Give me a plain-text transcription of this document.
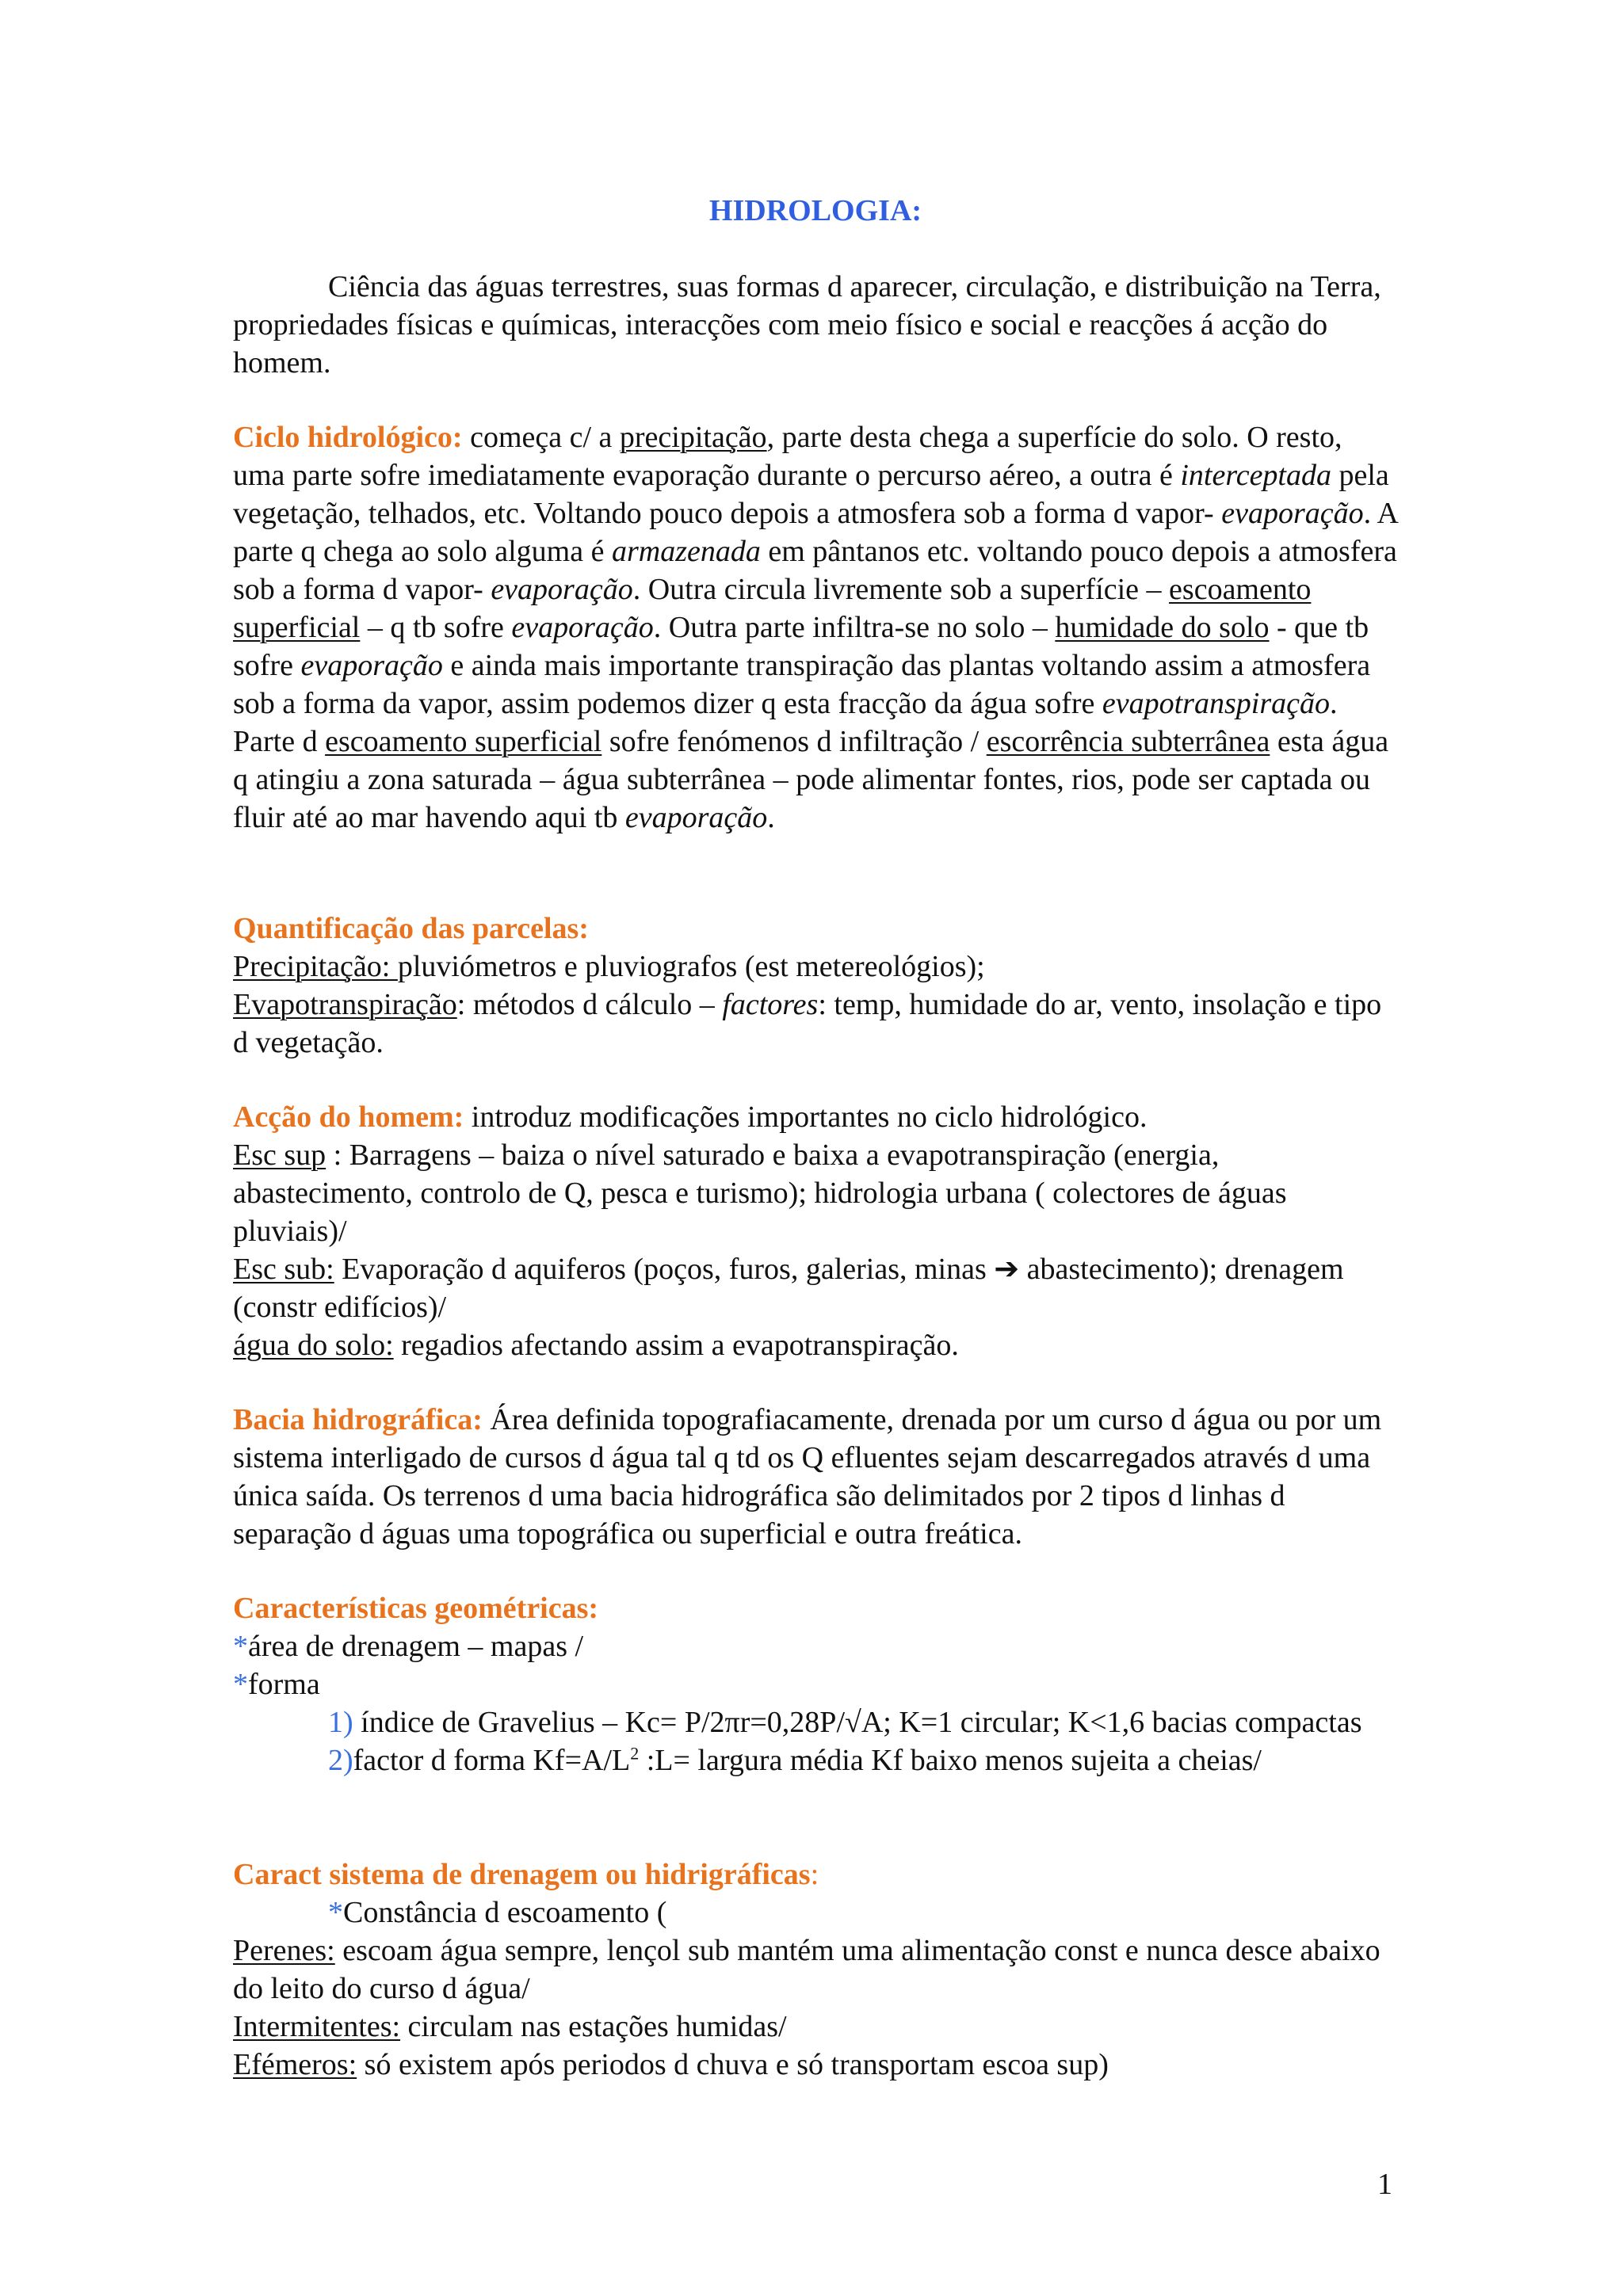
HIDROLOGIA:

Ciência das águas terrestres, suas formas d aparecer, circulação, e distribuição na Terra, propriedades físicas e químicas, interacções com meio físico e social e reacções á acção do homem.

Ciclo hidrológico: começa c/ a precipitação, parte desta chega a superfície do solo. O resto, uma parte sofre imediatamente evaporação durante o percurso aéreo, a outra é interceptada pela vegetação, telhados, etc. Voltando pouco depois a atmosfera sob a forma d vapor- evaporação. A parte q chega ao solo alguma é armazenada em pântanos etc. voltando pouco depois a atmosfera sob a forma d vapor- evaporação. Outra circula livremente sob a superfície – escoamento superficial – q tb sofre evaporação. Outra parte infiltra-se no solo – humidade do solo - que tb sofre evaporação e ainda mais importante transpiração das plantas voltando assim a atmosfera sob a forma da vapor, assim podemos dizer q esta fracção da água sofre evapotranspiração.

Parte d escoamento superficial sofre fenómenos d infiltração / escorrência subterrânea esta água q atingiu a zona saturada – água subterrânea – pode alimentar fontes, rios, pode ser captada ou fluir até ao mar havendo aqui tb evaporação.

Quantificação das parcelas:

Precipitação: pluviómetros e pluviografos (est metereológios);

Evapotranspiração: métodos d cálculo – factores: temp, humidade do ar, vento, insolação e tipo d vegetação.

Acção do homem: introduz modificações importantes no ciclo hidrológico.

Esc sup : Barragens – baiza o nível saturado e baixa a evapotranspiração (energia, abastecimento, controlo de Q, pesca e turismo); hidrologia urbana ( colectores de águas pluviais)/

Esc sub: Evaporação d aquiferos (poços, furos, galerias, minas ➔ abastecimento); drenagem (constr edifícios)/

água do solo: regadios afectando assim a evapotranspiração.

Bacia hidrográfica: Área definida topografiacamente, drenada por um curso d água ou por um sistema interligado de cursos d água tal q td os Q efluentes sejam descarregados através d uma única saída. Os terrenos d uma bacia hidrográfica são delimitados por 2 tipos d linhas d separação d águas uma topográfica ou superficial e outra freática.

Características geométricas:

*área de drenagem – mapas /

*forma

1) índice de Gravelius – Kc= P/2πr=0,28P/√A; K=1 circular; K<1,6 bacias compactas

2)factor d forma $Kf=A/L^2$ :L= largura média Kf baixo menos sujeita a cheias/

Caract sistema de drenagem ou hidrigráficas:

*Constância d escoamento (

Perenes: escoam água sempre, lençol sub mantém uma alimentação const e nunca desce abaixo do leito do curso d água/

Intermitentes: circulam nas estações humidas/

Efémeros: só existem após periodos d chuva e só transportam escoa sup)

1
